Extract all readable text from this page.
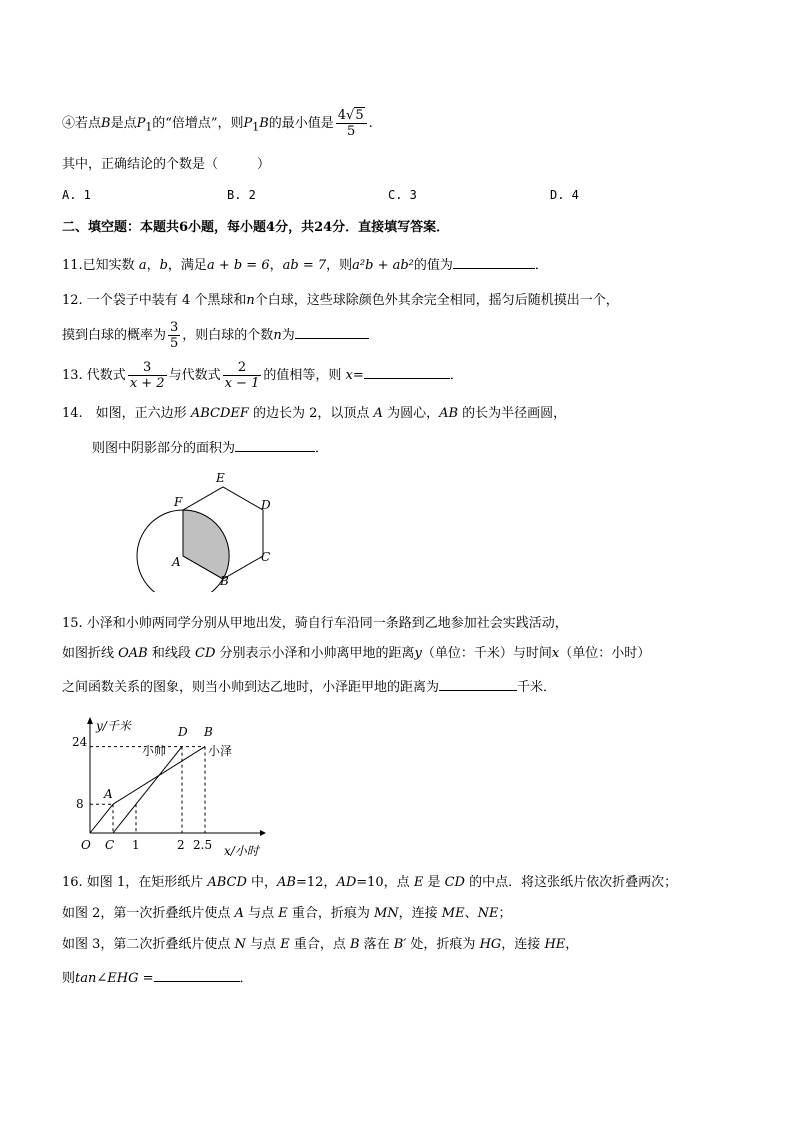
④若点B是点$P_1$的“倍增点”，则$P_1B$的最小值是 $\frac{4√5}{5}$ .
其中，正确结论的个数是（　　　）
A. 1	B. 2	C. 3	D. 4
二、填空题：本题共6小题，每小题4分，共24分．直接填写答案．
11.已知实数 a，b，满足a + b = 6，ab = 7，则a²b + ab²的值为	．
12. 一个袋子中装有 4 个黑球和n个白球，这些球除颜色外其余完全相同，摇匀后随机摸出一个，
摸到白球的概率为 $\frac{3}{5}$ ，则白球的个数n为
13. 代数式 $\frac{3}{x + 2}$ 与代数式 $\frac{2}{x - 1}$ 的值相等，则 x=	．
14.　如图，正六边形 ABCDEF 的边长为 2，以顶点 A 为圆心，AB 的长为半径画圆，
则图中阴影部分的面积为	．
F
E
D
C
B
A
15. 小泽和小帅两同学分别从甲地出发，骑自行车沿同一条路到乙地参加社会实践活动，
如图折线 OAB 和线段 CD 分别表示小泽和小帅离甲地的距离y（单位：千米）与时间x（单位：小时）
之间函数关系的图象，则当小帅到达乙地时，小泽距甲地的距离为	千米．
y/千米
x/小时
O
24
8
C 1	2 2.5
A
D B
小帅	小泽
16. 如图 1，在矩形纸片 ABCD 中，AB=12，AD=10，点 E 是 CD 的中点．将这张纸片依次折叠两次；
如图 2，第一次折叠纸片使点 A 与点 E 重合，折痕为 MN，连接 ME、NE；
如图 3，第二次折叠纸片使点 N 与点 E 重合，点 B 落在 B′ 处，折痕为 HG，连接 HE，
则tan∠EHG =	．
